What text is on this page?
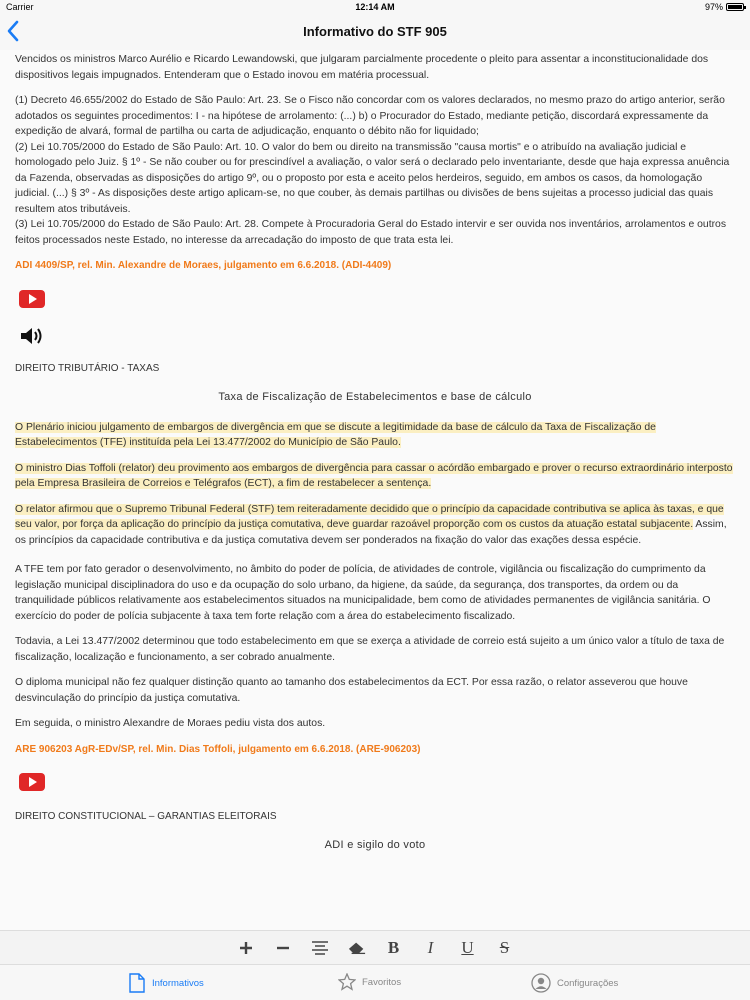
Carrier	12:14 AM	97%
Informativo do STF 905

Vencidos os ministros Marco Aurélio e Ricardo Lewandowski, que julgaram parcialmente procedente o pleito para assentar a inconstitucionalidade dos dispositivos legais impugnados. Entenderam que o Estado inovou em matéria processual.

(1) Decreto 46.655/2002 do Estado de São Paulo: Art. 23. Se o Fisco não concordar com os valores declarados, no mesmo prazo do artigo anterior, serão adotados os seguintes procedimentos: I - na hipótese de arrolamento: (...) b) o Procurador do Estado, mediante petição, discordará expressamente da expedição de alvará, formal de partilha ou carta de adjudicação, enquanto o débito não for liquidado;

(2) Lei 10.705/2000 do Estado de São Paulo: Art. 10. O valor do bem ou direito na transmissão "causa mortis" e o atribuído na avaliação judicial e homologado pelo Juiz. § 1º - Se não couber ou for prescindível a avaliação, o valor será o declarado pelo inventariante, desde que haja expressa anuência da Fazenda, observadas as disposições do artigo 9º, ou o proposto por esta e aceito pelos herdeiros, seguido, em ambos os casos, da homologação judicial. (...) § 3º - As disposições deste artigo aplicam-se, no que couber, às demais partilhas ou divisões de bens sujeitas a processo judicial das quais resultem atos tributáveis.

(3) Lei 10.705/2000 do Estado de São Paulo: Art. 28. Compete à Procuradoria Geral do Estado intervir e ser ouvida nos inventários, arrolamentos e outros feitos processados neste Estado, no interesse da arrecadação do imposto de que trata esta lei.

ADI 4409/SP, rel. Min. Alexandre de Moraes, julgamento em 6.6.2018. (ADI-4409)

DIREITO TRIBUTÁRIO - TAXAS

Taxa de Fiscalização de Estabelecimentos e base de cálculo

O Plenário iniciou julgamento de embargos de divergência em que se discute a legitimidade da base de cálculo da Taxa de Fiscalização de Estabelecimentos (TFE) instituída pela Lei 13.477/2002 do Município de São Paulo.

O ministro Dias Toffoli (relator) deu provimento aos embargos de divergência para cassar o acórdão embargado e prover o recurso extraordinário interposto pela Empresa Brasileira de Correios e Telégrafos (ECT), a fim de restabelecer a sentença.

O relator afirmou que o Supremo Tribunal Federal (STF) tem reiteradamente decidido que o princípio da capacidade contributiva se aplica às taxas, e que seu valor, por força da aplicação do princípio da justiça comutativa, deve guardar razoável proporção com os custos da atuação estatal subjacente. Assim, os princípios da capacidade contributiva e da justiça comutativa devem ser ponderados na fixação do valor das exações dessa espécie.

A TFE tem por fato gerador o desenvolvimento, no âmbito do poder de polícia, de atividades de controle, vigilância ou fiscalização do cumprimento da legislação municipal disciplinadora do uso e da ocupação do solo urbano, da higiene, da saúde, da segurança, dos transportes, da ordem ou da tranquilidade públicos relativamente aos estabelecimentos situados na municipalidade, bem como de atividades permanentes de vigilância sanitária. O exercício do poder de polícia subjacente à taxa tem forte relação com a área do estabelecimento fiscalizado.

Todavia, a Lei 13.477/2002 determinou que todo estabelecimento em que se exerça a atividade de correio está sujeito a um único valor a título de taxa de fiscalização, localização e funcionamento, a ser cobrado anualmente.

O diploma municipal não fez qualquer distinção quanto ao tamanho dos estabelecimentos da ECT. Por essa razão, o relator asseverou que houve desvinculação do princípio da justiça comutativa.

Em seguida, o ministro Alexandre de Moraes pediu vista dos autos.

ARE 906203 AgR-EDv/SP, rel. Min. Dias Toffoli, julgamento em 6.6.2018. (ARE-906203)

DIREITO CONSTITUCIONAL – GARANTIAS ELEITORAIS

ADI e sigilo do voto

B	I	U S
Informativos	Favoritos	Configurações
